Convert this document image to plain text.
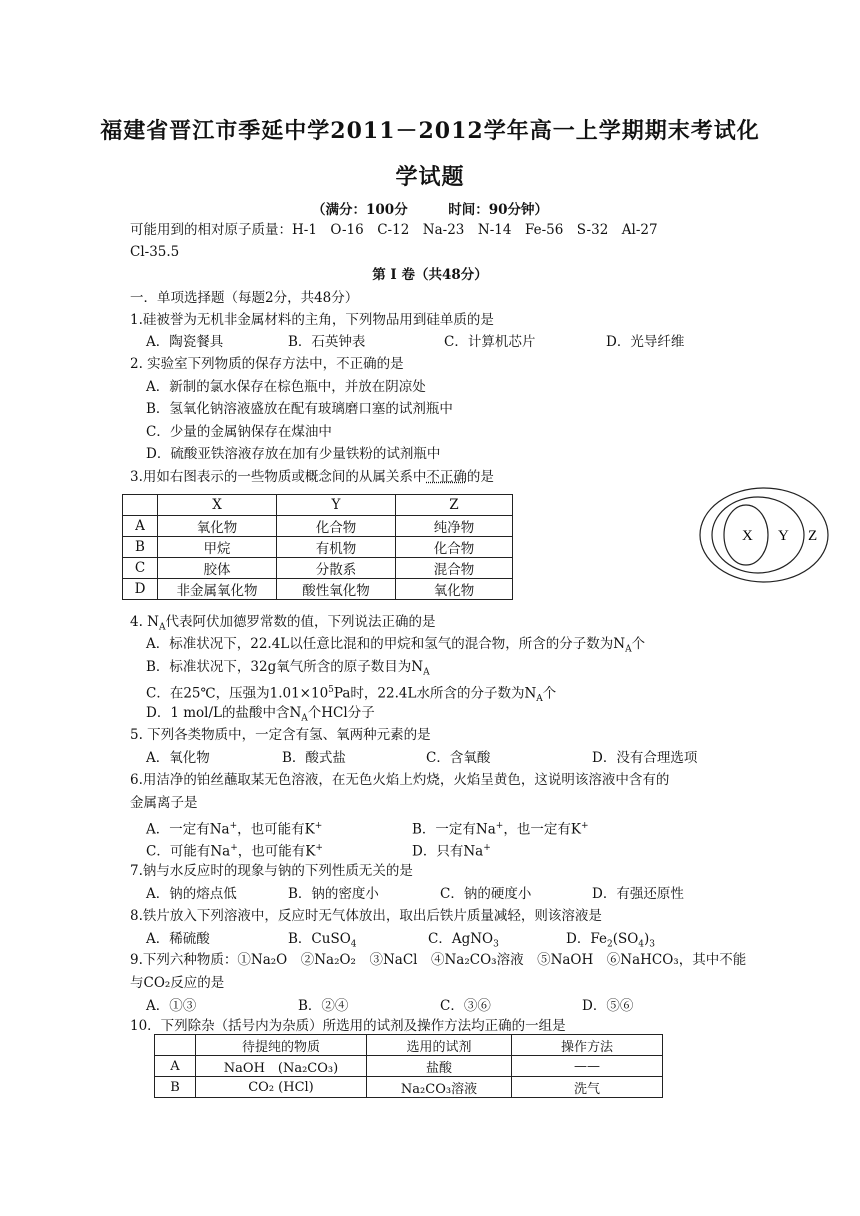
福建省晋江市季延中学2011－2012学年高一上学期期末考试化
学试题
（满分：100分　　　时间：90分钟）
可能用到的相对原子质量：H-1　O-16　C-12　Na-23　N-14　Fe-56　S-32　Al-27
Cl-35.5
第 Ⅰ 卷（共48分）
一．单项选择题（每题2分，共48分）
1.硅被誉为无机非金属材料的主角，下列物品用到硅单质的是
A．陶瓷餐具	B．石英钟表	C．计算机芯片	D．光导纤维
2. 实验室下列物质的保存方法中，不正确的是
A．新制的氯水保存在棕色瓶中，并放在阴凉处
B．氢氧化钠溶液盛放在配有玻璃磨口塞的试剂瓶中
C．少量的金属钠保存在煤油中
D．硫酸亚铁溶液存放在加有少量铁粉的试剂瓶中
3.用如右图表示的一些物质或概念间的从属关系中不正确的是
	X	Y	Z
A	氧化物	化合物	纯净物
B	甲烷	有机物	化合物
C	胶体	分散系	混合物
D	非金属氧化物	酸性氧化物	氧化物
X Y Z
4. $N_A$代表阿伏加德罗常数的值，下列说法正确的是
A．标准状况下，22.4L以任意比混和的甲烷和氢气的混合物，所含的分子数为$N_A$个
B．标准状况下，32g氧气所含的原子数目为$N_A$
C．在25℃，压强为$1.01\times 10^5Pa$时，22.4L水所含的分子数为$N_A$个
D．1 mol/L的盐酸中含$N_A$个HCl分子
5. 下列各类物质中，一定含有氢、氧两种元素的是
A．氧化物	B．酸式盐	C．含氧酸	D．没有合理选项
6.用洁净的铂丝蘸取某无色溶液，在无色火焰上灼烧，火焰呈黄色，这说明该溶液中含有的
金属离子是
A．一定有Na+，也可能有K+	B．一定有Na+，也一定有K+
C．可能有Na+，也可能有K+	D．只有Na+
7.钠与水反应时的现象与钠的下列性质无关的是
A．钠的熔点低	B．钠的密度小	C．钠的硬度小	D．有强还原性
8.铁片放入下列溶液中，反应时无气体放出，取出后铁片质量减轻，则该溶液是
A．稀硫酸	B．CuSO$_4$	C．AgNO$_3$	D．$Fe_2(SO_4)_3$
9.下列六种物质：①Na₂O　②Na₂O₂　③NaCl　④Na₂CO₃溶液　⑤NaOH　⑥NaHCO₃，其中不能
与CO₂反应的是
A．①③	B．②④	C．③⑥	D．⑤⑥
10．下列除杂（括号内为杂质）所选用的试剂及操作方法均正确的一组是
	待提纯的物质	选用的试剂	操作方法
A	NaOH　(Na₂CO₃)	盐酸	——
B	CO₂ (HCl)	Na₂CO₃溶液	洗气
